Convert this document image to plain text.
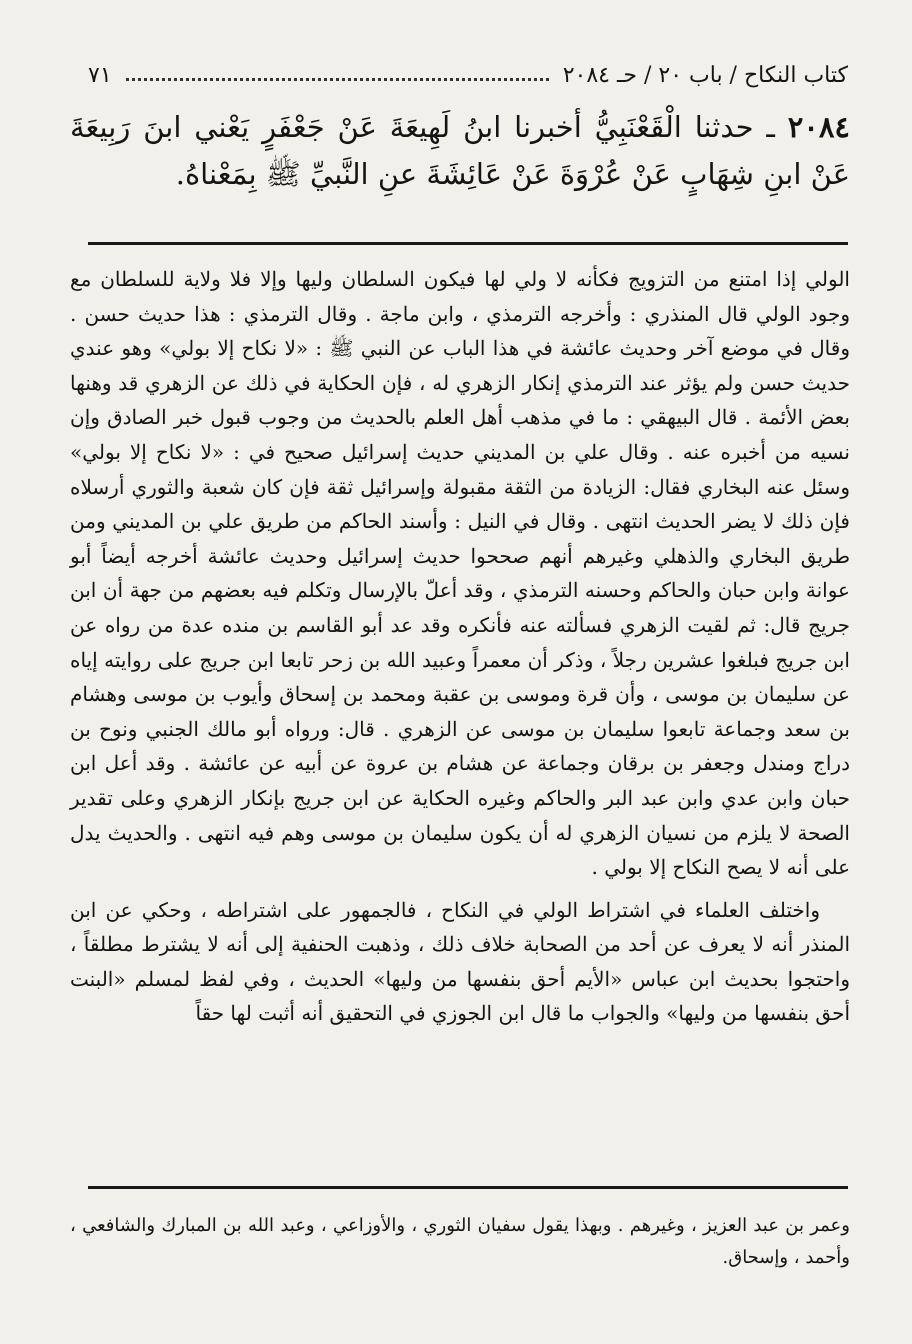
كتاب النكاح / باب ٢٠ / حـ ٢٠٨٤
٧١

٢٠٨٤ ـ حدثنا الْقَعْنَبِيُّ أخبرنا ابنُ لَهِيعَةَ عَنْ جَعْفَرٍ يَعْني ابنَ رَبِيعَةَ عَنْ ابنِ شِهَابٍ عَنْ عُرْوَةَ عَنْ عَائِشَةَ عنِ النَّبيِّ ﷺ بِمَعْناهُ.

الولي إذا امتنع من التزويج فكأنه لا ولي لها فيكون السلطان وليها وإلا فلا ولاية للسلطان مع وجود الولي قال المنذري : وأخرجه الترمذي ، وابن ماجة . وقال الترمذي : هذا حديث حسن . وقال في موضع آخر وحديث عائشة في هذا الباب عن النبي ﷺ : «لا نكاح إلا بولي» وهو عندي حديث حسن ولم يؤثر عند الترمذي إنكار الزهري له ، فإن الحكاية في ذلك عن الزهري قد وهنها بعض الأئمة . قال البيهقي : ما في مذهب أهل العلم بالحديث من وجوب قبول خبر الصادق وإن نسيه من أخبره عنه . وقال علي بن المديني حديث إسرائيل صحيح في : «لا نكاح إلا بولي» وسئل عنه البخاري فقال: الزيادة من الثقة مقبولة وإسرائيل ثقة فإن كان شعبة والثوري أرسلاه فإن ذلك لا يضر الحديث انتهى . وقال في النيل : وأسند الحاكم من طريق علي بن المديني ومن طريق البخاري والذهلي وغيرهم أنهم صححوا حديث إسرائيل وحديث عائشة أخرجه أيضاً أبو عوانة وابن حبان والحاكم وحسنه الترمذي ، وقد أعلّ بالإرسال وتكلم فيه بعضهم من جهة أن ابن جريج قال: ثم لقيت الزهري فسألته عنه فأنكره وقد عد أبو القاسم بن منده عدة من رواه عن ابن جريج فبلغوا عشرين رجلاً ، وذكر أن معمراً وعبيد الله بن زحر تابعا ابن جريج على روايته إياه عن سليمان بن موسى ، وأن قرة وموسى بن عقبة ومحمد بن إسحاق وأيوب بن موسى وهشام بن سعد وجماعة تابعوا سليمان بن موسى عن الزهري . قال: ورواه أبو مالك الجنبي ونوح بن دراج ومندل وجعفر بن برقان وجماعة عن هشام بن عروة عن أبيه عن عائشة . وقد أعل ابن حبان وابن عدي وابن عبد البر والحاكم وغيره الحكاية عن ابن جريج بإنكار الزهري وعلى تقدير الصحة لا يلزم من نسيان الزهري له أن يكون سليمان بن موسى وهم فيه انتهى . والحديث يدل على أنه لا يصح النكاح إلا بولي .

واختلف العلماء في اشتراط الولي في النكاح ، فالجمهور على اشتراطه ، وحكي عن ابن المنذر أنه لا يعرف عن أحد من الصحابة خلاف ذلك ، وذهبت الحنفية إلى أنه لا يشترط مطلقاً ، واحتجوا بحديث ابن عباس «الأيم أحق بنفسها من وليها» الحديث ، وفي لفظ لمسلم «البنت أحق بنفسها من وليها» والجواب ما قال ابن الجوزي في التحقيق أنه أثبت لها حقاً

وعمر بن عبد العزيز ، وغيرهم . وبهذا يقول سفيان الثوري ، والأوزاعي ، وعبد الله بن المبارك والشافعي ، وأحمد ، وإسحاق.
